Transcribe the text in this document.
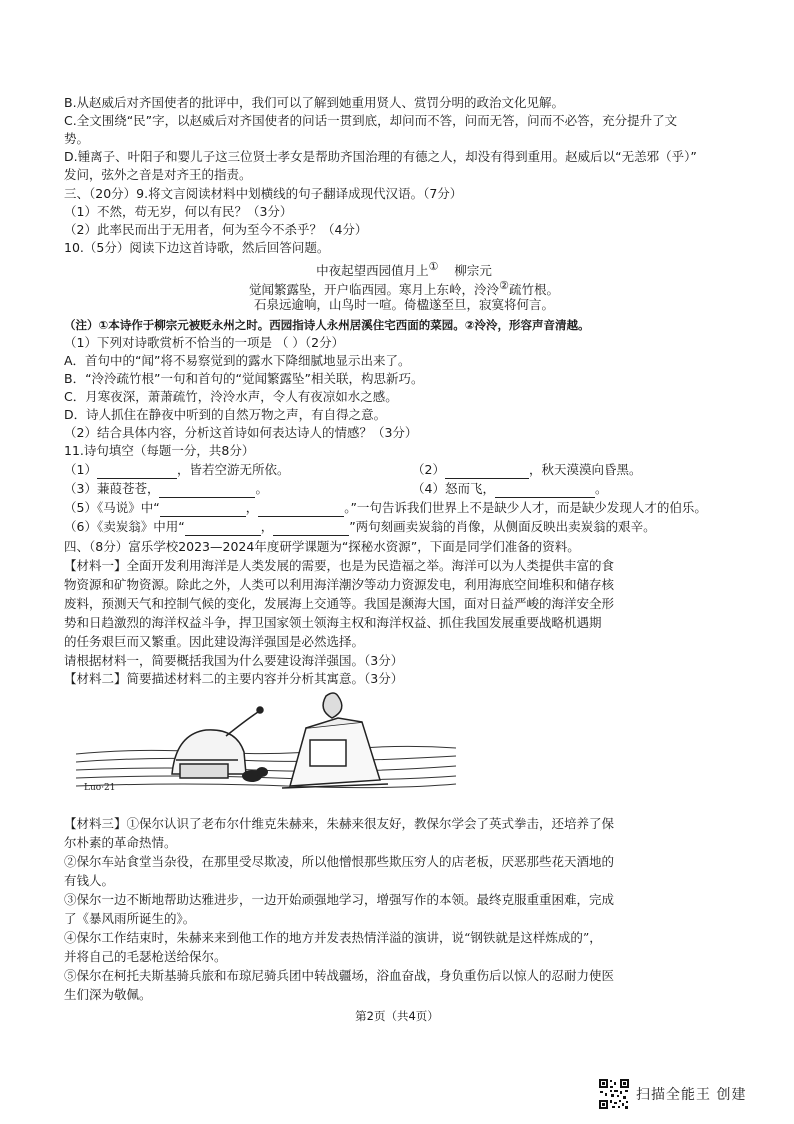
B.从赵威后对齐国使者的批评中，我们可以了解到她重用贤人、赏罚分明的政治文化见解。
C.全文围绕“民”字，以赵威后对齐国使者的问话一贯到底，却问而不答，问而无答，问而不必答，充分提升了文
势。
D.锺离子、叶阳子和婴儿子这三位贤士孝女是帮助齐国治理的有德之人，却没有得到重用。赵威后以“无恙邪（乎）”
发问，弦外之音是对齐王的指责。
三、（20分）9.将文言阅读材料中划横线的句子翻译成现代汉语。（7分）
（1）不然，苟无岁，何以有民？（3分）
（2）此率民而出于无用者，何为至今不杀乎？（4分）
10.（5分）阅读下边这首诗歌，然后回答问题。
中夜起望西园值月上① 柳宗元
觉闻繁露坠，开户临西园。寒月上东岭，泠泠②疏竹根。
石泉远逾响，山鸟时一喧。倚楹遂至旦，寂寞将何言。
（注）①本诗作于柳宗元被贬永州之时。西园指诗人永州居溪住宅西面的菜园。②泠泠，形容声音清越。
（1）下列对诗歌赏析不恰当的一项是 （ ）（2分）
A．首句中的“闻”将不易察觉到的露水下降细腻地显示出来了。
B．“泠泠疏竹根”一句和首句的“觉闻繁露坠”相关联，构思新巧。
C．月寒夜深，萧萧疏竹，泠泠水声，令人有夜凉如水之感。
D．诗人抓住在静夜中听到的自然万物之声，有自得之意。
（2）结合具体内容，分析这首诗如何表达诗人的情感？（3分）
11.诗句填空（每题一分，共8分）
（1）	，皆若空游无所依。	（2）	，秋天漠漠向昏黑。
（3）蒹葭苍苍，	。	（4）怒而飞，	。
（5）《马说》中“	，	。”一句告诉我们世界上不是缺少人才，而是缺少发现人才的伯乐。
（6）《卖炭翁》中用“	，	”两句刻画卖炭翁的肖像，从侧面反映出卖炭翁的艰辛。
四、（8分）富乐学校2023—2024年度研学课题为“探秘水资源”，下面是同学们准备的资料。
【材料一】全面开发利用海洋是人类发展的需要，也是为民造福之举。海洋可以为人类提供丰富的食
物资源和矿物资源。除此之外，人类可以利用海洋潮汐等动力资源发电，利用海底空间堆积和储存核
废料，预测天气和控制气候的变化，发展海上交通等。我国是濒海大国，面对日益严峻的海洋安全形
势和日趋激烈的海洋权益斗争，捍卫国家领土领海主权和海洋权益、抓住我国发展重要战略机遇期
的任务艰巨而又繁重。因此建设海洋强国是必然选择。
请根据材料一，简要概括我国为什么要建设海洋强国。（3分）
【材料二】简要描述材料二的主要内容并分析其寓意。（3分）
Luo·21
【材料三】①保尔认识了老布尔什维克朱赫来，朱赫来很友好，教保尔学会了英式拳击，还培养了保
尔朴素的革命热情。
②保尔车站食堂当杂役，在那里受尽欺凌，所以他憎恨那些欺压穷人的店老板，厌恶那些花天酒地的
有钱人。
③保尔一边不断地帮助达雅进步，一边开始顽强地学习，增强写作的本领。最终克服重重困难，完成
了《暴风雨所诞生的》。
④保尔工作结束时，朱赫来来到他工作的地方并发表热情洋溢的演讲，说“钢铁就是这样炼成的”，
并将自己的毛瑟枪送给保尔。
⑤保尔在柯托夫斯基骑兵旅和布琼尼骑兵团中转战疆场，浴血奋战，身负重伤后以惊人的忍耐力使医
生们深为敬佩。
第2页（共4页）
扫描全能王 创建
